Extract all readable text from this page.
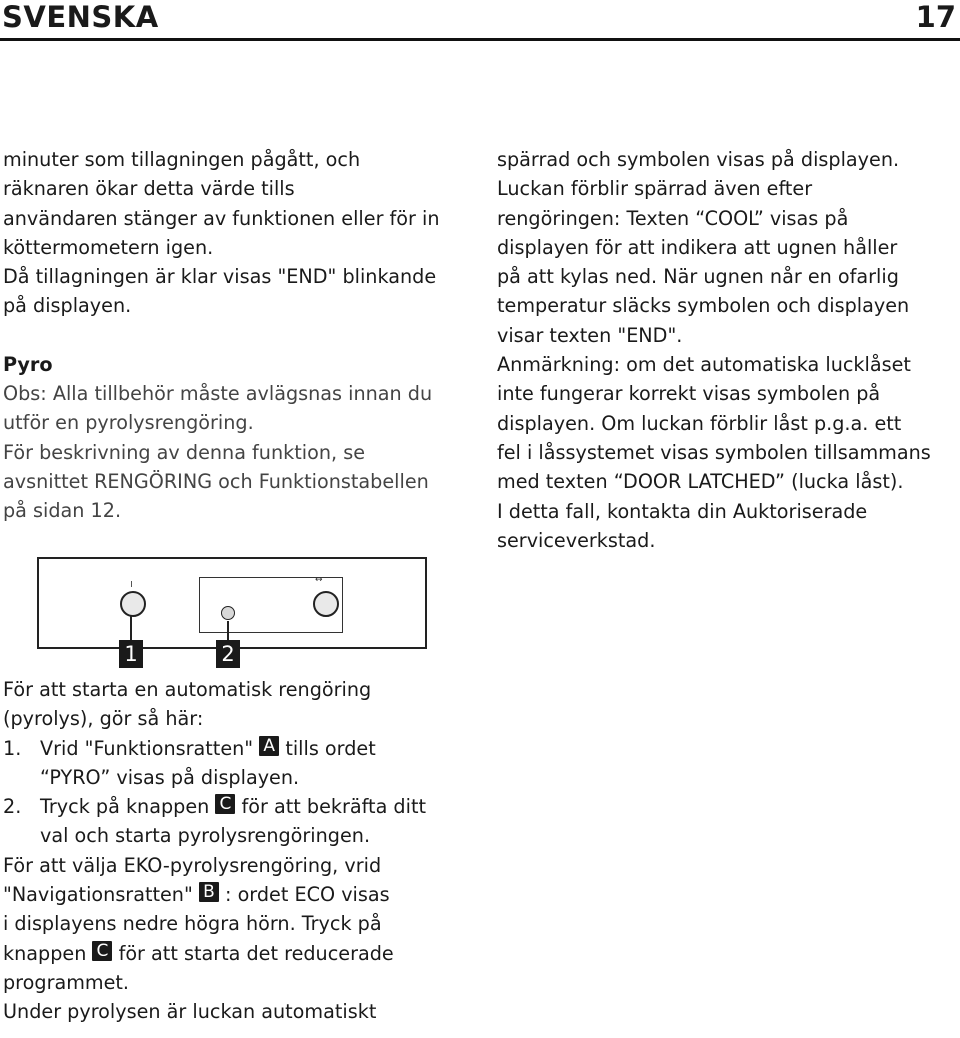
SVENSKA	17

minuter som tillagningen pågått, och

räknaren ökar detta värde tills

användaren stänger av funktionen eller för in

köttermometern igen.

Då tillagningen är klar visas "END" blinkande

på displayen.

Pyro

Obs: Alla tillbehör måste avlägsnas innan du

utför en pyrolysrengöring.

För beskrivning av denna funktion, se

avsnittet RENGÖRING och Funktionstabellen

på sidan 12.

spärrad och symbolen visas på displayen.

Luckan förblir spärrad även efter

rengöringen: Texten “COOL” visas på

displayen för att indikera att ugnen håller

på att kylas ned. När ugnen når en ofarlig

temperatur släcks symbolen och displayen

visar texten "END".

Anmärkning: om det automatiska lucklåset

inte fungerar korrekt visas symbolen på

displayen. Om luckan förblir låst p.g.a. ett

fel i låssystemet visas symbolen tillsammans

med texten “DOOR LATCHED” (lucka låst).

I detta fall, kontakta din Auktoriserade

serviceverkstad.

↔
1	2

För att starta en automatisk rengöring

(pyrolys), gör så här:

1. Vrid "Funktionsratten" A tills ordet

“PYRO” visas på displayen.

2. Tryck på knappen C för att bekräfta ditt

val och starta pyrolysrengöringen.

För att välja EKO-pyrolysrengöring, vrid

"Navigationsratten" B : ordet ECO visas

i displayens nedre högra hörn. Tryck på

knappen C för att starta det reducerade

programmet.

Under pyrolysen är luckan automatiskt
